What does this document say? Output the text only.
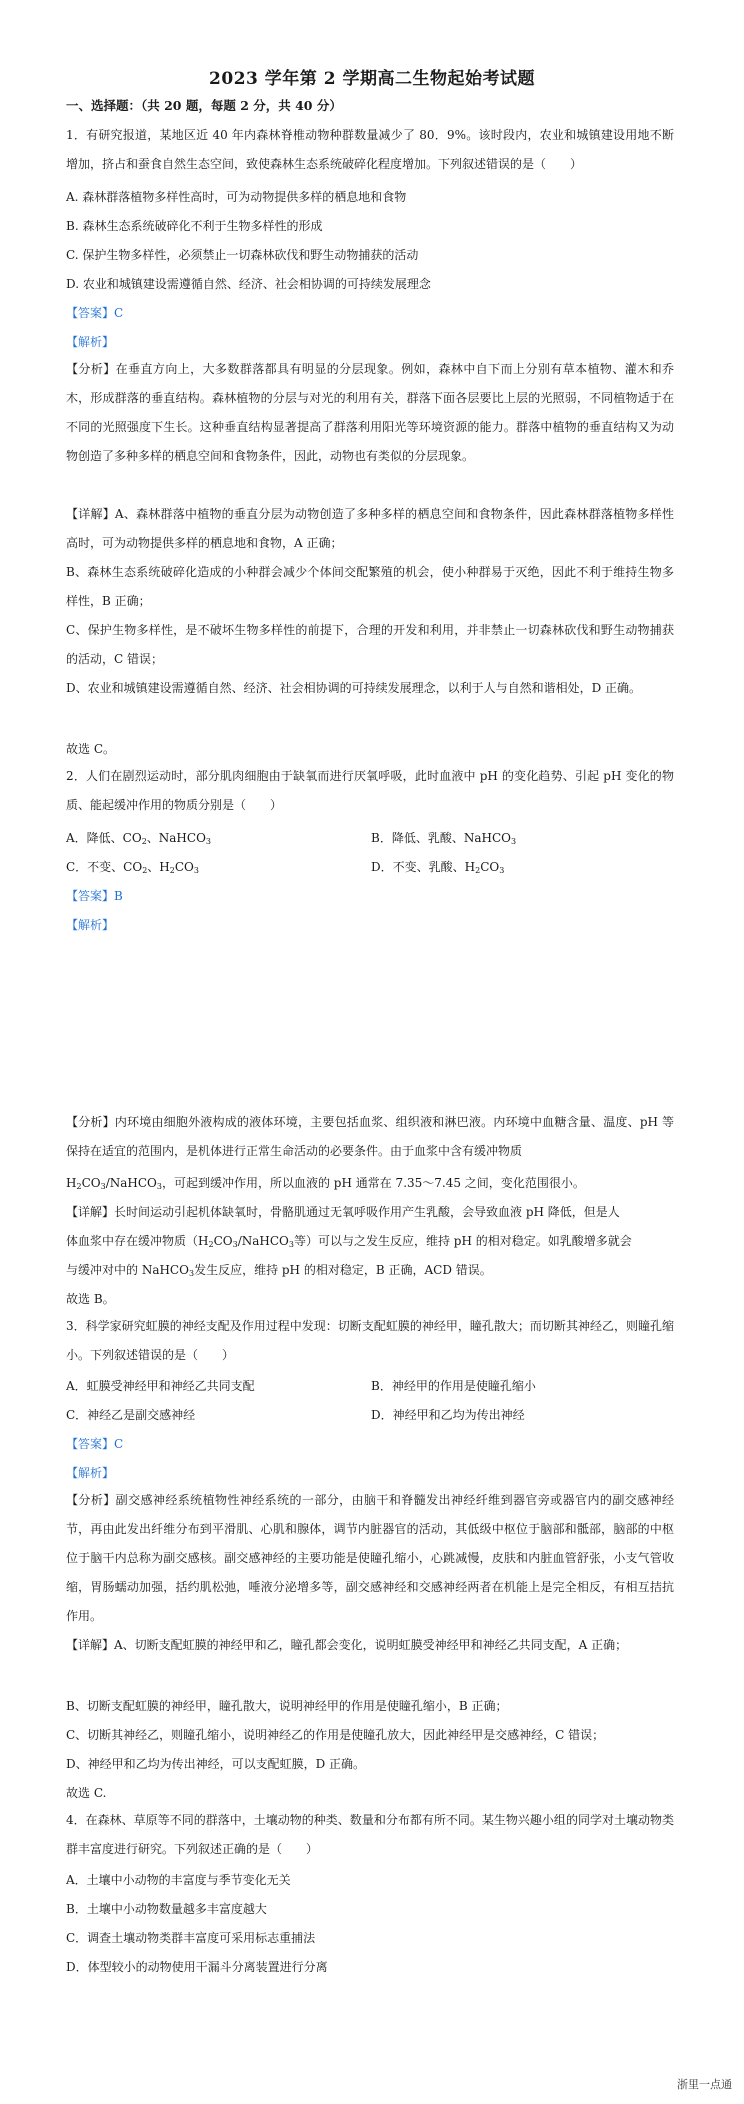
2023 学年第 2 学期高二生物起始考试题
一、选择题：（共 20 题，每题 2 分，共 40 分）
1．有研究报道，某地区近 40 年内森林脊椎动物种群数量减少了 80．9%。该时段内，农业和城镇建设用地不断增加，挤占和蚕食自然生态空间，致使森林生态系统破碎化程度增加。下列叙述错误的是（　　）
A. 森林群落植物多样性高时，可为动物提供多样的栖息地和食物
B. 森林生态系统破碎化不利于生物多样性的形成
C. 保护生物多样性，必须禁止一切森林砍伐和野生动物捕获的活动
D. 农业和城镇建设需遵循自然、经济、社会相协调的可持续发展理念
【答案】C
【解析】
【分析】在垂直方向上，大多数群落都具有明显的分层现象。例如，森林中自下而上分别有草本植物、灌木和乔木，形成群落的垂直结构。森林植物的分层与对光的利用有关，群落下面各层要比上层的光照弱，不同植物适于在不同的光照强度下生长。这种垂直结构显著提高了群落利用阳光等环境资源的能力。群落中植物的垂直结构又为动物创造了多种多样的栖息空间和食物条件，因此，动物也有类似的分层现象。
【详解】A、森林群落中植物的垂直分层为动物创造了多种多样的栖息空间和食物条件，因此森林群落植物多样性高时，可为动物提供多样的栖息地和食物，A 正确；
B、森林生态系统破碎化造成的小种群会减少个体间交配繁殖的机会，使小种群易于灭绝，因此不利于维持生物多样性，B 正确；
C、保护生物多样性，是不破坏生物多样性的前提下，合理的开发和利用，并非禁止一切森林砍伐和野生动物捕获的活动，C 错误；
D、农业和城镇建设需遵循自然、经济、社会相协调的可持续发展理念，以利于人与自然和谐相处，D 正确。
故选 C。
2．人们在剧烈运动时，部分肌肉细胞由于缺氧而进行厌氧呼吸，此时血液中 pH 的变化趋势、引起 pH 变化的物质、能起缓冲作用的物质分别是（　　）
A．降低、$CO_2$、NaHCO$_3$	B．降低、乳酸、NaHCO$_3$
C．不变、$CO_2$、$H_2CO_3$	D．不变、乳酸、$H_2CO_3$
【答案】B
【解析】
【分析】内环境由细胞外液构成的液体环境，主要包括血浆、组织液和淋巴液。内环境中血糖含量、温度、pH 等保持在适宜的范围内，是机体进行正常生命活动的必要条件。由于血浆中含有缓冲物质
$H_2CO_3/NaHCO_3$，可起到缓冲作用，所以血液的 pH 通常在 7.35～7.45 之间，变化范围很小。
【详解】长时间运动引起机体缺氧时，骨骼肌通过无氧呼吸作用产生乳酸，会导致血液 pH 降低，但是人
体血浆中存在缓冲物质（$H_2CO_3/NaHCO_3$等）可以与之发生反应，维持 pH 的相对稳定。如乳酸增多就会
与缓冲对中的 NaHCO$_3$发生反应，维持 pH 的相对稳定，B 正确，ACD 错误。
故选 B。
3．科学家研究虹膜的神经支配及作用过程中发现：切断支配虹膜的神经甲，瞳孔散大；而切断其神经乙，则瞳孔缩小。下列叙述错误的是（　　）
A．虹膜受神经甲和神经乙共同支配	B．神经甲的作用是使瞳孔缩小
C．神经乙是副交感神经	D．神经甲和乙均为传出神经
【答案】C
【解析】
【分析】副交感神经系统植物性神经系统的一部分，由脑干和脊髓发出神经纤维到器官旁或器官内的副交感神经节，再由此发出纤维分布到平滑肌、心肌和腺体，调节内脏器官的活动，其低级中枢位于脑部和骶部，脑部的中枢位于脑干内总称为副交感核。副交感神经的主要功能是使瞳孔缩小，心跳减慢，皮肤和内脏血管舒张，小支气管收缩，胃肠蠕动加强，括约肌松弛，唾液分泌增多等，副交感神经和交感神经两者在机能上是完全相反，有相互拮抗作用。
【详解】A、切断支配虹膜的神经甲和乙，瞳孔都会变化，说明虹膜受神经甲和神经乙共同支配，A 正确；
B、切断支配虹膜的神经甲，瞳孔散大，说明神经甲的作用是使瞳孔缩小，B 正确；
C、切断其神经乙，则瞳孔缩小，说明神经乙的作用是使瞳孔放大，因此神经甲是交感神经，C 错误；
D、神经甲和乙均为传出神经，可以支配虹膜，D 正确。
故选 C.
4．在森林、草原等不同的群落中，土壤动物的种类、数量和分布都有所不同。某生物兴趣小组的同学对土壤动物类群丰富度进行研究。下列叙述正确的是（　　）
A．土壤中小动物的丰富度与季节变化无关
B．土壤中小动物数量越多丰富度越大
C．调查土壤动物类群丰富度可采用标志重捕法
D．体型较小的动物使用干漏斗分离装置进行分离
浙里一点通
